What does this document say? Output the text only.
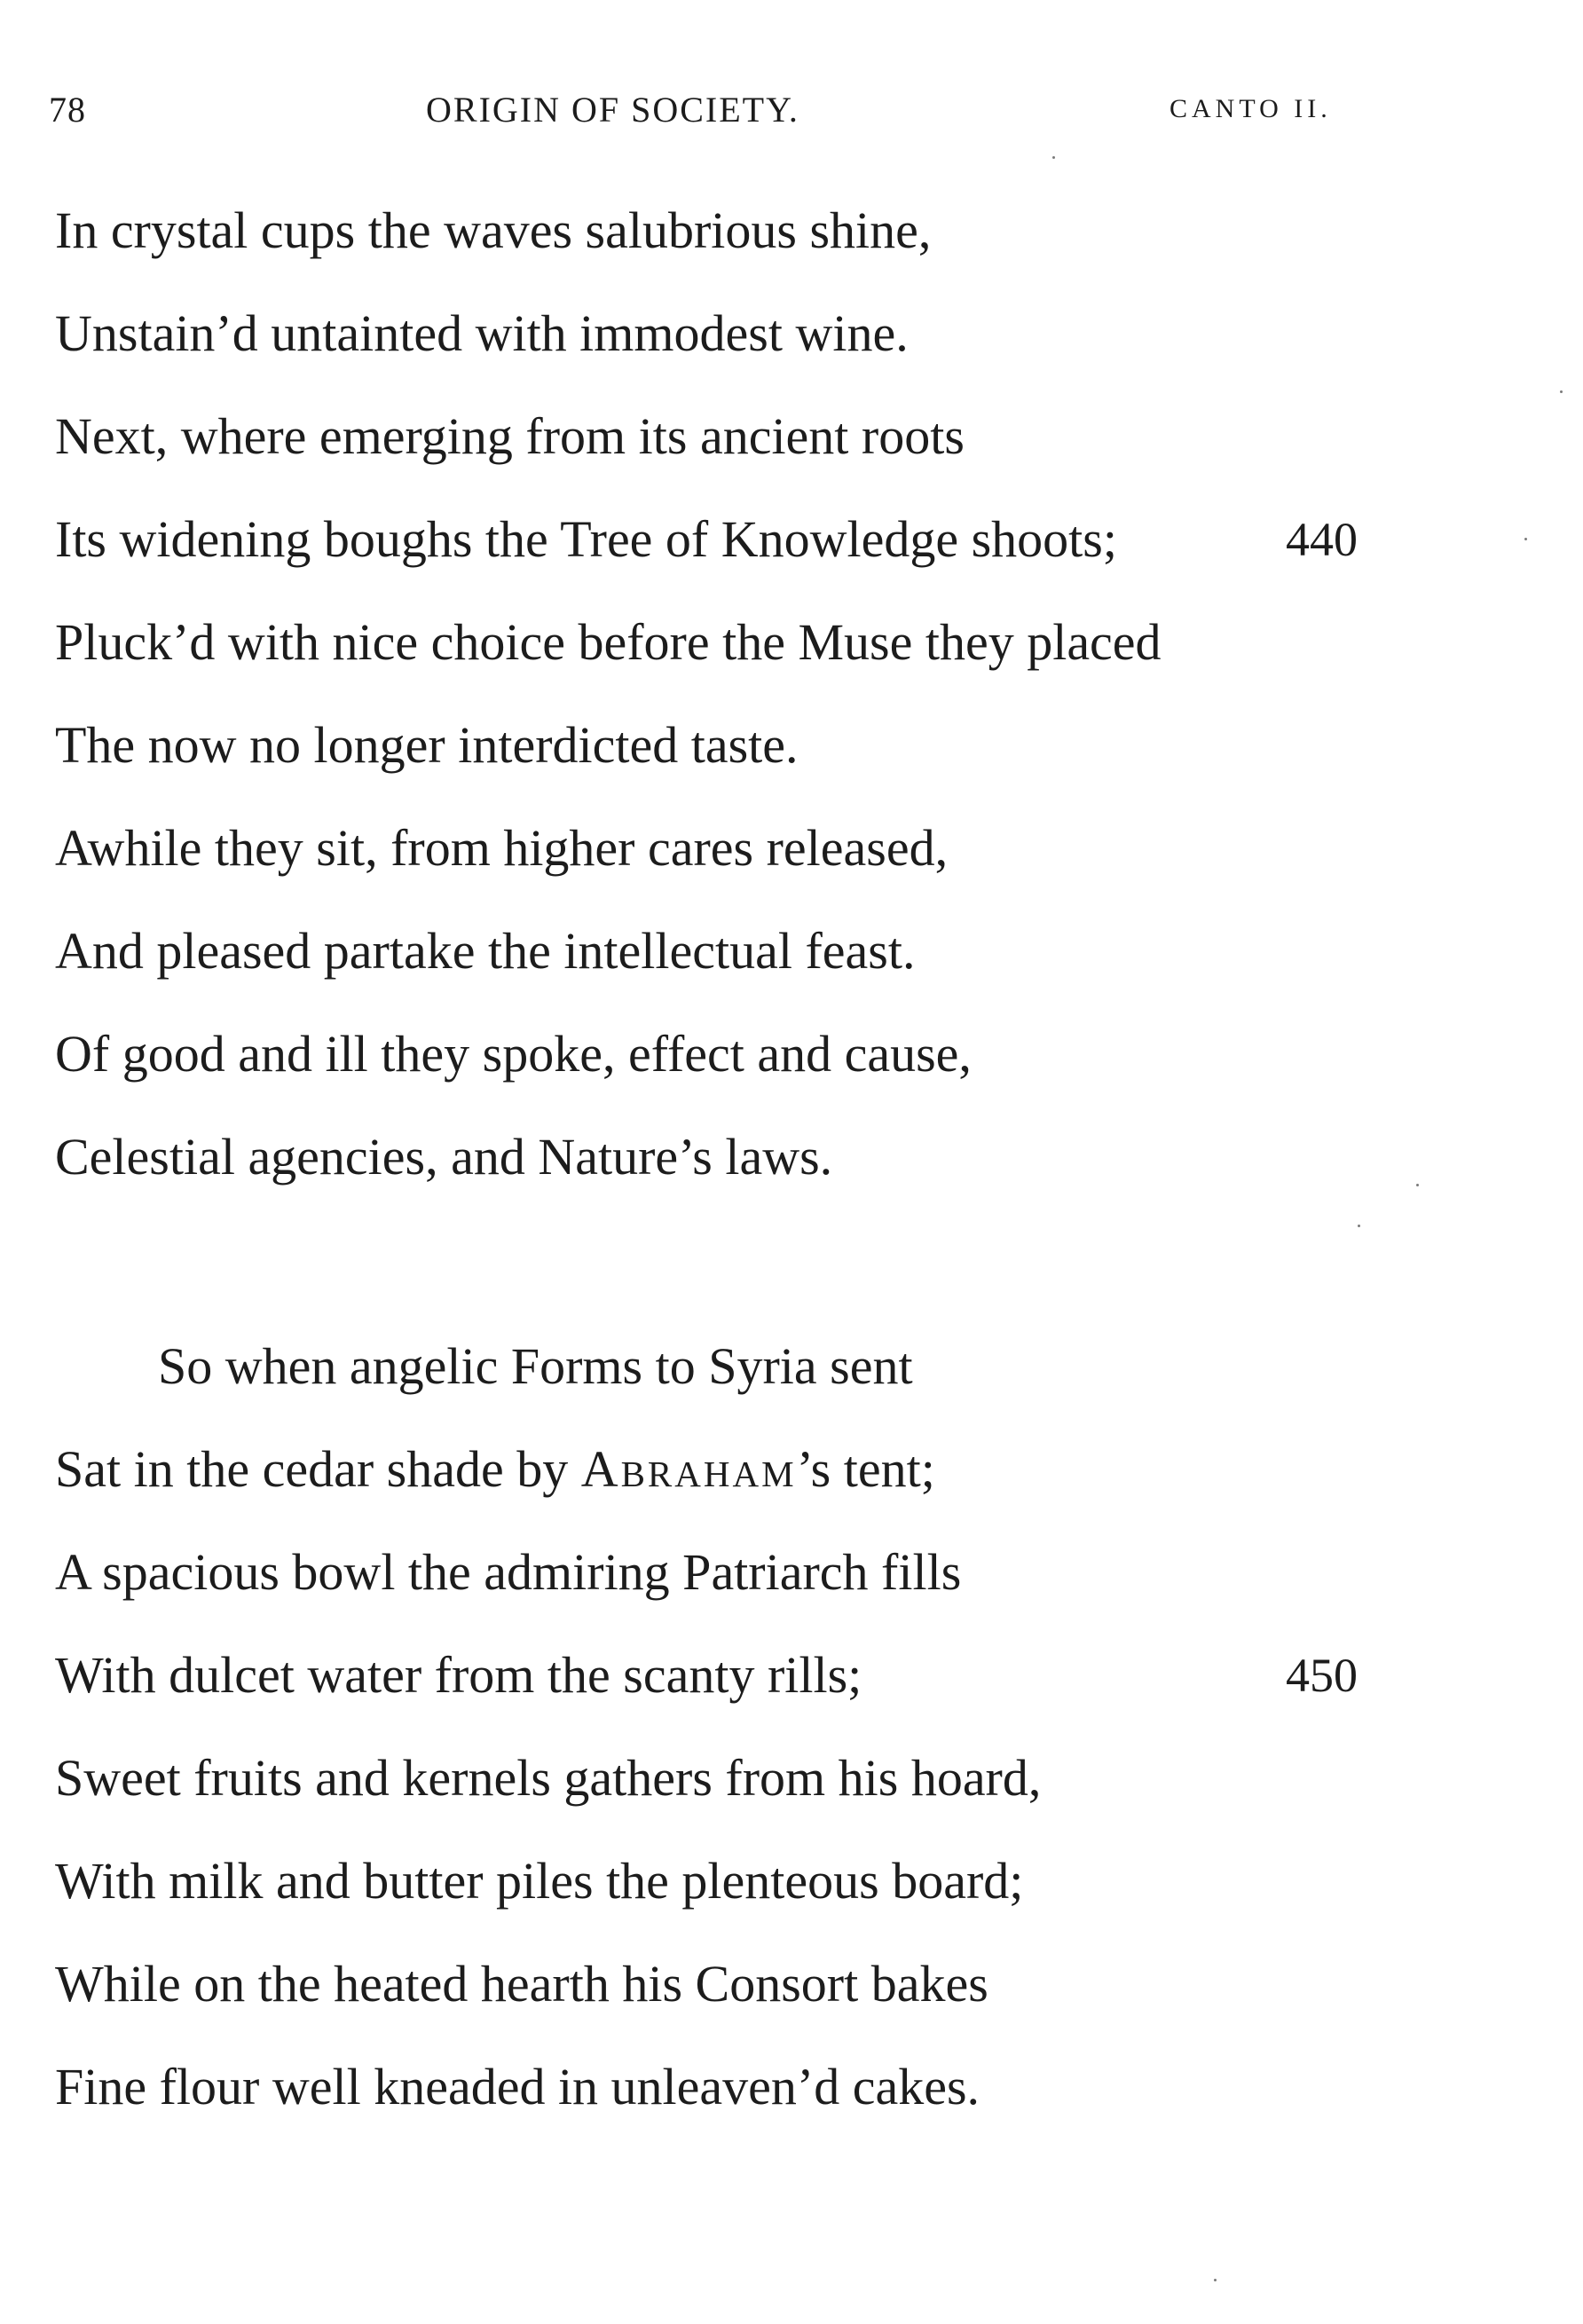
78	ORIGIN OF SOCIETY.	CANTO II.
In crystal cups the waves salubrious shine,
Unstain’d untainted with immodest wine.
Next, where emerging from its ancient roots
Its widening boughs the Tree of Knowledge shoots;	440
Pluck’d with nice choice before the Muse they placed
The now no longer interdicted taste.
Awhile they sit, from higher cares released,
And pleased partake the intellectual feast.
Of good and ill they spoke, effect and cause,
Celestial agencies, and Nature’s laws.
So when angelic Forms to Syria sent
Sat in the cedar shade by Abraham’s tent;
A spacious bowl the admiring Patriarch fills
With dulcet water from the scanty rills;	450
Sweet fruits and kernels gathers from his hoard,
With milk and butter piles the plenteous board;
While on the heated hearth his Consort bakes
Fine flour well kneaded in unleaven’d cakes.
